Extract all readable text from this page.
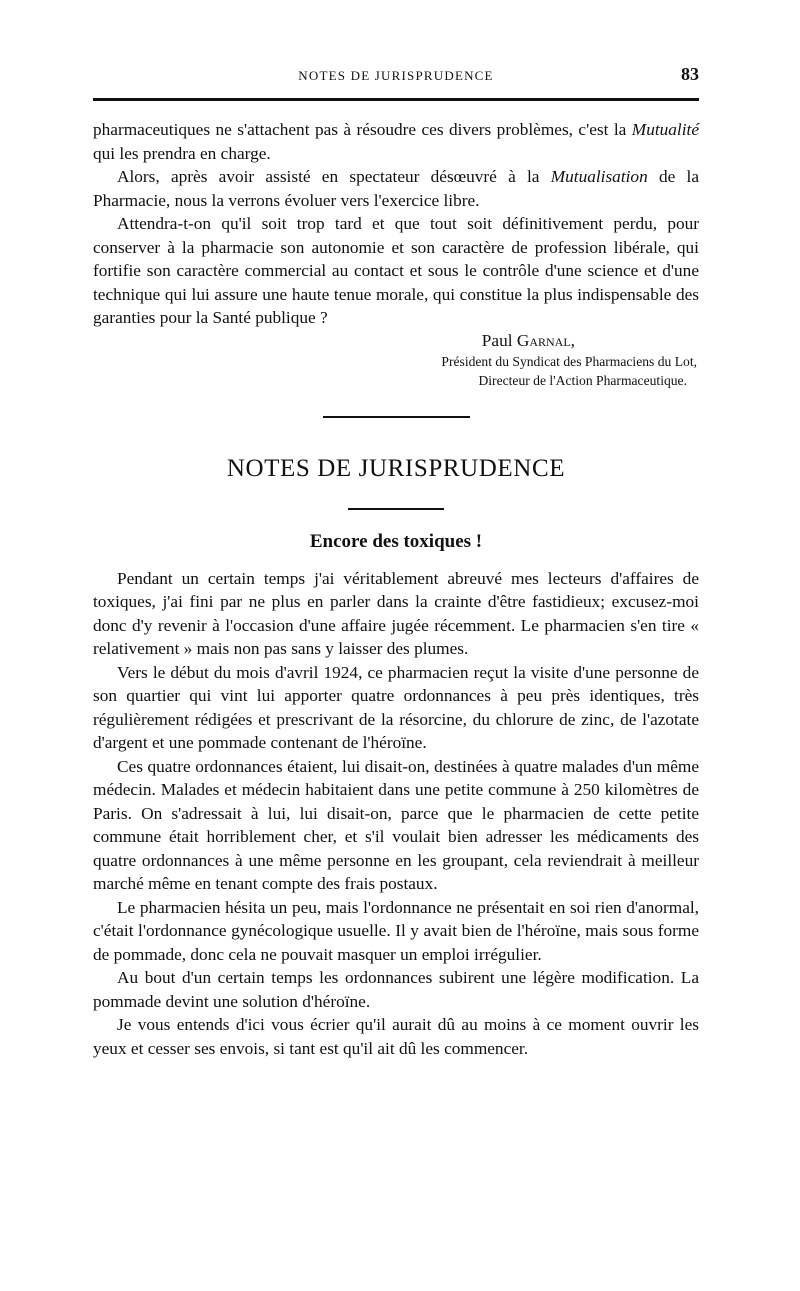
NOTES DE JURISPRUDENCE	83

pharmaceutiques ne s'attachent pas à résoudre ces divers problèmes, c'est la Mutualité qui les prendra en charge.

Alors, après avoir assisté en spectateur désœuvré à la Mutualisation de la Pharmacie, nous la verrons évoluer vers l'exercice libre.

Attendra-t-on qu'il soit trop tard et que tout soit définitivement perdu, pour conserver à la pharmacie son autonomie et son caractère de profession libérale, qui fortifie son caractère commercial au contact et sous le contrôle d'une science et d'une technique qui lui assure une haute tenue morale, qui constitue la plus indispensable des garanties pour la Santé publique ?

Paul Garnal,
Président du Syndicat des Pharmaciens du Lot,
Directeur de l'Action Pharmaceutique.
NOTES DE JURISPRUDENCE
Encore des toxiques !

Pendant un certain temps j'ai véritablement abreuvé mes lecteurs d'affaires de toxiques, j'ai fini par ne plus en parler dans la crainte d'être fastidieux; excusez-moi donc d'y revenir à l'occasion d'une affaire jugée récemment. Le pharmacien s'en tire « relativement » mais non pas sans y laisser des plumes.

Vers le début du mois d'avril 1924, ce pharmacien reçut la visite d'une personne de son quartier qui vint lui apporter quatre ordonnances à peu près identiques, très régulièrement rédigées et prescrivant de la résorcine, du chlorure de zinc, de l'azotate d'argent et une pommade contenant de l'héroïne.

Ces quatre ordonnances étaient, lui disait-on, destinées à quatre malades d'un même médecin. Malades et médecin habitaient dans une petite commune à 250 kilomètres de Paris. On s'adressait à lui, lui disait-on, parce que le pharmacien de cette petite commune était horriblement cher, et s'il voulait bien adresser les médicaments des quatre ordonnances à une même personne en les groupant, cela reviendrait à meilleur marché même en tenant compte des frais postaux.

Le pharmacien hésita un peu, mais l'ordonnance ne présentait en soi rien d'anormal, c'était l'ordonnance gynécologique usuelle. Il y avait bien de l'héroïne, mais sous forme de pommade, donc cela ne pouvait masquer un emploi irrégulier.

Au bout d'un certain temps les ordonnances subirent une légère modification. La pommade devint une solution d'héroïne.

Je vous entends d'ici vous écrier qu'il aurait dû au moins à ce moment ouvrir les yeux et cesser ses envois, si tant est qu'il ait dû les commencer.
